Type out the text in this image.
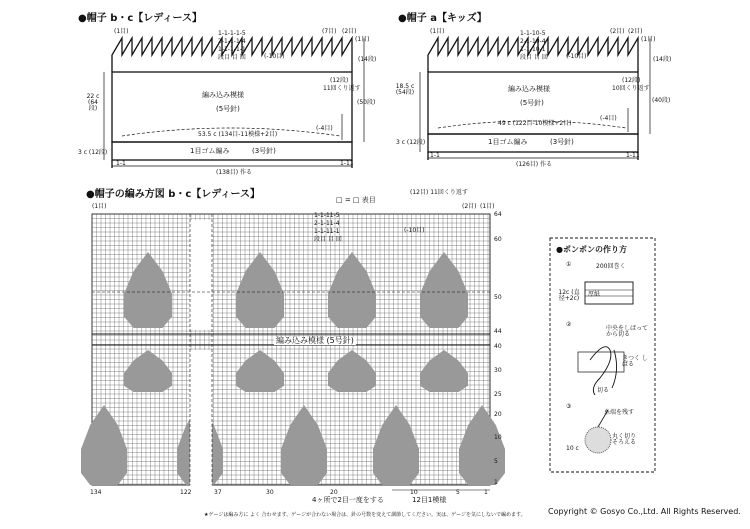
●帽子 b・c【レディース】
(1目)	1-1-1-1-5
2-1-1-1-4
1-1-1-1-1
段目 目 回	(-10目)
(7目) (2目)
(1目)
(14段)
(12段)
11回くり返す
(50段)
22 c (64段)
3 c (12段)
編み込み模様
(5号針)
53.5 c (134目-11模様+2目)
(-4目)
1目ゴム編み	(3号針)
1-1	1-11
(138目) 作る
●帽子 a【キッズ】
(1目)	1-1-10-5
2-1-10-4
1-1-10-1
段目 目 回	(-10目)
(2目) (2目)
(1目)
(14段)
(12段)
10回くり返す
(40段)
18.5 c (54段)
3 c (12段)
編み込み模様
(5号針)
49 c (122目-10模様+2目)
(-4目)
1目ゴム編み	(3号針)
1-1	1-11
(126目) 作る
●帽子の編み方図 b・c【レディース】	□ = □ 表目
(1目)
(12目) 11回くり返す
1-1-11-5
2-1-11-4
1-1-11-1
段目 目 回
(-10目)
(2目) (1目)
編み込み模様 (5号針)
64
60
50
44
40
30
25
20
10
5
1
134	122	37	30	20	10	5	1
4ヶ所で2目一度をする	12目1模様
★ゲージは編み方に よく 合わせます。ゲージが合わない場合は、針の号数を変えて調節してください。実は、ゲージを気にしないで編めます。
●ポンポンの作り方
①	200回巻く
厚紙
12c (直径+2c)
②
中央をしばって から切る
きつく しばる
切る
③
糸端を残す
丸く切り そろえる
10 c
Copyright © Gosyo Co.,Ltd. All Rights Reserved.
